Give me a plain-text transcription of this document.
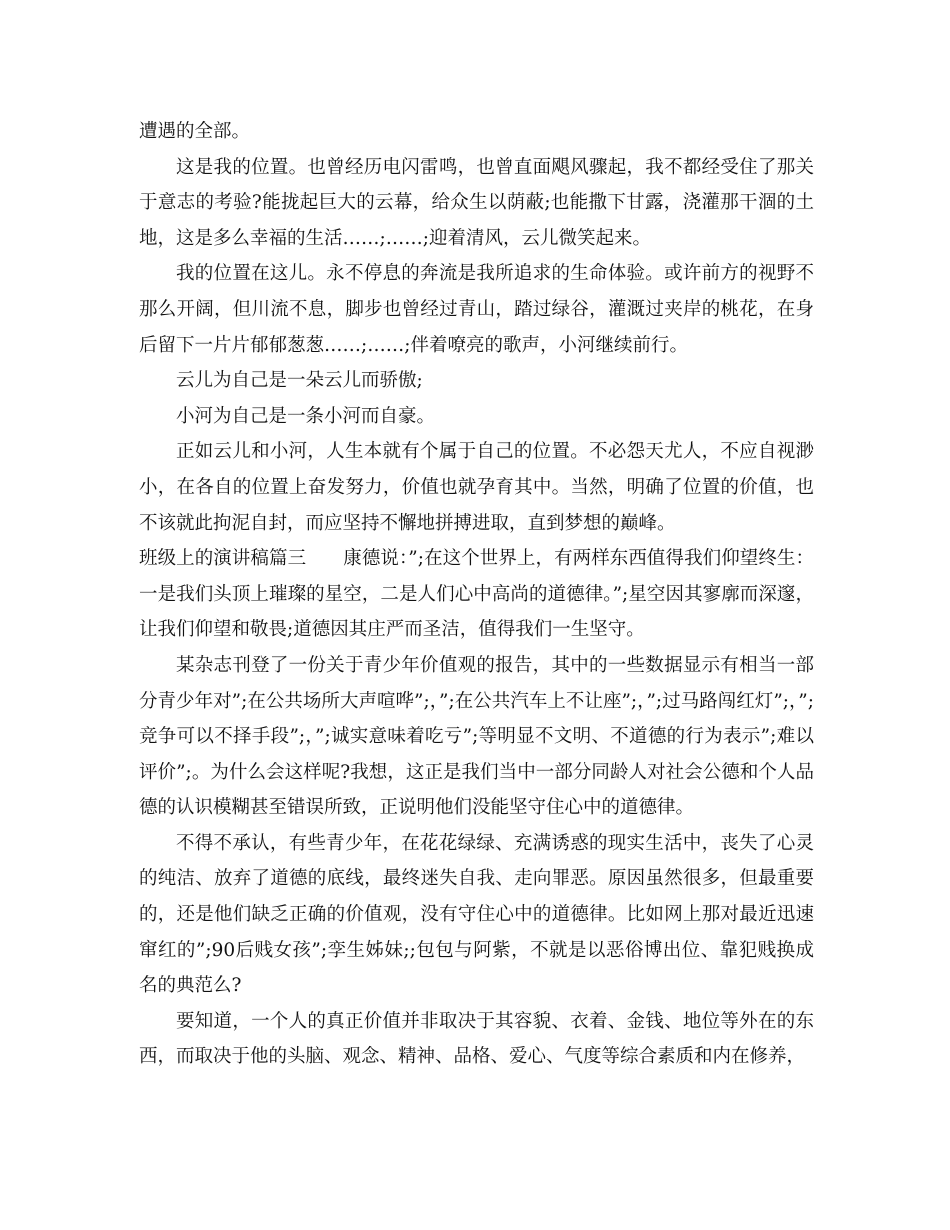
遭遇的全部。

这是我的位置。也曾经历电闪雷鸣，也曾直面飓风骤起，我不都经受住了那关于意志的考验?能拢起巨大的云幕，给众生以荫蔽;也能撒下甘露，浇灌那干涸的土地，这是多么幸福的生活……;……;迎着清风，云儿微笑起来。

我的位置在这儿。永不停息的奔流是我所追求的生命体验。或许前方的视野不那么开阔，但川流不息，脚步也曾经过青山，踏过绿谷，灌溉过夹岸的桃花，在身后留下一片片郁郁葱葱……;……;伴着嘹亮的歌声，小河继续前行。

云儿为自己是一朵云儿而骄傲;

小河为自己是一条小河而自豪。

正如云儿和小河，人生本就有个属于自己的位置。不必怨天尤人，不应自视渺小，在各自的位置上奋发努力，价值也就孕育其中。当然，明确了位置的价值，也不该就此拘泥自封，而应坚持不懈地拼搏进取，直到梦想的巅峰。

班级上的演讲稿篇三　　康德说：”;在这个世界上，有两样东西值得我们仰望终生：一是我们头顶上璀璨的星空，二是人们心中高尚的道德律。”;星空因其寥廓而深邃，让我们仰望和敬畏;道德因其庄严而圣洁，值得我们一生坚守。

某杂志刊登了一份关于青少年价值观的报告，其中的一些数据显示有相当一部分青少年对”;在公共场所大声喧哗”;，”;在公共汽车上不让座”;，”;过马路闯红灯”;，”;竞争可以不择手段”;，”;诚实意味着吃亏”;等明显不文明、不道德的行为表示”;难以评价”;。为什么会这样呢?我想，这正是我们当中一部分同龄人对社会公德和个人品德的认识模糊甚至错误所致，正说明他们没能坚守住心中的道德律。

不得不承认，有些青少年，在花花绿绿、充满诱惑的现实生活中，丧失了心灵的纯洁、放弃了道德的底线，最终迷失自我、走向罪恶。原因虽然很多，但最重要的，还是他们缺乏正确的价值观，没有守住心中的道德律。比如网上那对最近迅速窜红的”;90后贱女孩”;孪生姊妹;;包包与阿紫，不就是以恶俗博出位、靠犯贱换成名的典范么?

要知道，一个人的真正价值并非取决于其容貌、衣着、金钱、地位等外在的东西，而取决于他的头脑、观念、精神、品格、爱心、气度等综合素质和内在修养，
